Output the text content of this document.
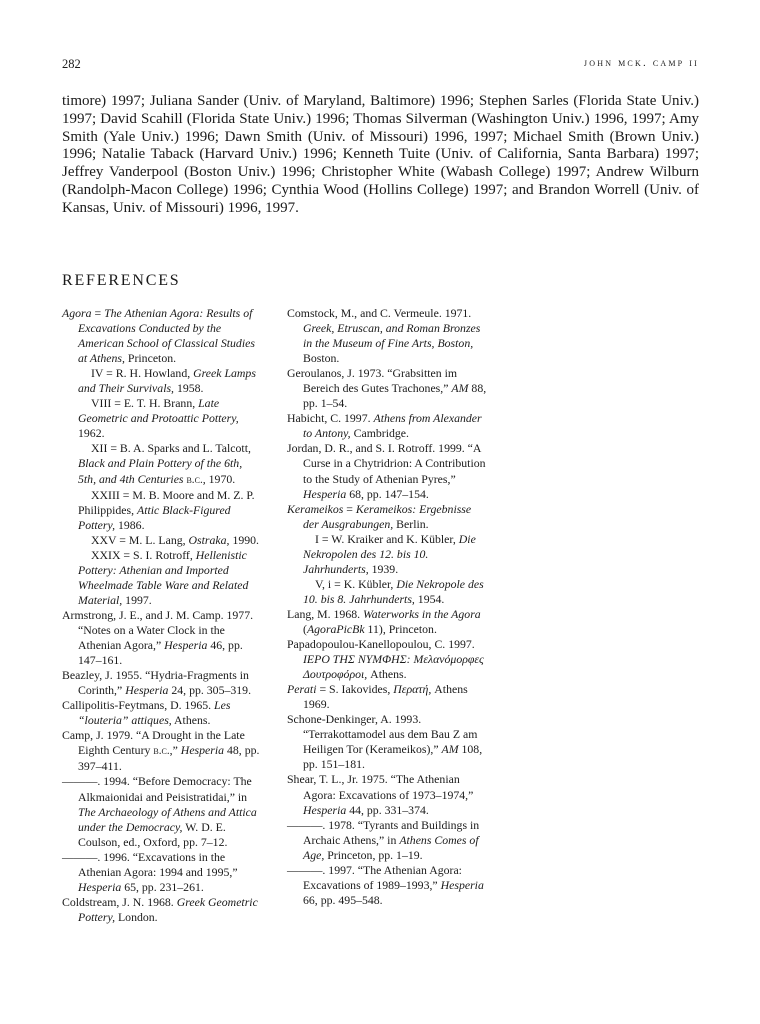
282	john mck. camp ii

timore) 1997; Juliana Sander (Univ. of Maryland, Baltimore) 1996; Stephen Sarles (Florida State Univ.) 1997; David Scahill (Florida State Univ.) 1996; Thomas Silverman (Washington Univ.) 1996, 1997; Amy Smith (Yale Univ.) 1996; Dawn Smith (Univ. of Missouri) 1996, 1997; Michael Smith (Brown Univ.) 1996; Natalie Taback (Harvard Univ.) 1996; Kenneth Tuite (Univ. of California, Santa Barbara) 1997; Jeffrey Vanderpool (Boston Univ.) 1996; Christopher White (Wabash College) 1997; Andrew Wilburn (Randolph-Macon College) 1996; Cynthia Wood (Hollins College) 1997; and Brandon Worrell (Univ. of Kansas, Univ. of Missouri) 1996, 1997.

REFERENCES
Agora = The Athenian Agora: Results of Excavations Conducted by the American School of Classical Studies at Athens, Princeton.
IV = R. H. Howland, Greek Lamps and Their Survivals, 1958.
VIII = E. T. H. Brann, Late Geometric and Protoattic Pottery, 1962.
XII = B. A. Sparks and L. Talcott, Black and Plain Pottery of the 6th, 5th, and 4th Centuries b.c., 1970.
XXIII = M. B. Moore and M. Z. P. Philippides, Attic Black-Figured Pottery, 1986.
XXV = M. L. Lang, Ostraka, 1990.
XXIX = S. I. Rotroff, Hellenistic Pottery: Athenian and Imported Wheelmade Table Ware and Related Material, 1997.
Armstrong, J. E., and J. M. Camp. 1977. “Notes on a Water Clock in the Athenian Agora,” Hesperia 46, pp. 147–161.
Beazley, J. 1955. “Hydria-Fragments in Corinth,” Hesperia 24, pp. 305–319.
Callipolitis-Feytmans, D. 1965. Les “louteria” attiques, Athens.
Camp, J. 1979. “A Drought in the Late Eighth Century b.c.,” Hesperia 48, pp. 397–411.
———. 1994. “Before Democracy: The Alkmaionidai and Peisistratidai,” in The Archaeology of Athens and Attica under the Democracy, W. D. E. Coulson, ed., Oxford, pp. 7–12.
———. 1996. “Excavations in the Athenian Agora: 1994 and 1995,” Hesperia 65, pp. 231–261.
Coldstream, J. N. 1968. Greek Geometric Pottery, London.
Comstock, M., and C. Vermeule. 1971. Greek, Etruscan, and Roman Bronzes in the Museum of Fine Arts, Boston, Boston.
Geroulanos, J. 1973. “Grabsitten im Bereich des Gutes Trachones,” AM 88, pp. 1–54.
Habicht, C. 1997. Athens from Alexander to Antony, Cambridge.
Jordan, D. R., and S. I. Rotroff. 1999. “A Curse in a Chytridrion: A Contribution to the Study of Athenian Pyres,” Hesperia 68, pp. 147–154.
Kerameikos = Kerameikos: Ergebnisse der Ausgrabungen, Berlin.
I = W. Kraiker and K. Kübler, Die Nekropolen des 12. bis 10. Jahrhunderts, 1939.
V, i = K. Kübler, Die Nekropole des 10. bis 8. Jahrhunderts, 1954.
Lang, M. 1968. Waterworks in the Agora (AgoraPicBk 11), Princeton.
Papadopoulou-Kanellopoulou, C. 1997. ΙΕΡΟ ΤΗΣ ΝΥΜΦΗΣ: Μελανόμορφες Δουτροφόροι, Athens.
Perati = S. Iakovides, Περατή, Athens 1969.
Schone-Denkinger, A. 1993. “Terrakottamodel aus dem Bau Z am Heiligen Tor (Kerameikos),” AM 108, pp. 151–181.
Shear, T. L., Jr. 1975. “The Athenian Agora: Excavations of 1973–1974,” Hesperia 44, pp. 331–374.
———. 1978. “Tyrants and Buildings in Archaic Athens,” in Athens Comes of Age, Princeton, pp. 1–19.
———. 1997. “The Athenian Agora: Excavations of 1989–1993,” Hesperia 66, pp. 495–548.
